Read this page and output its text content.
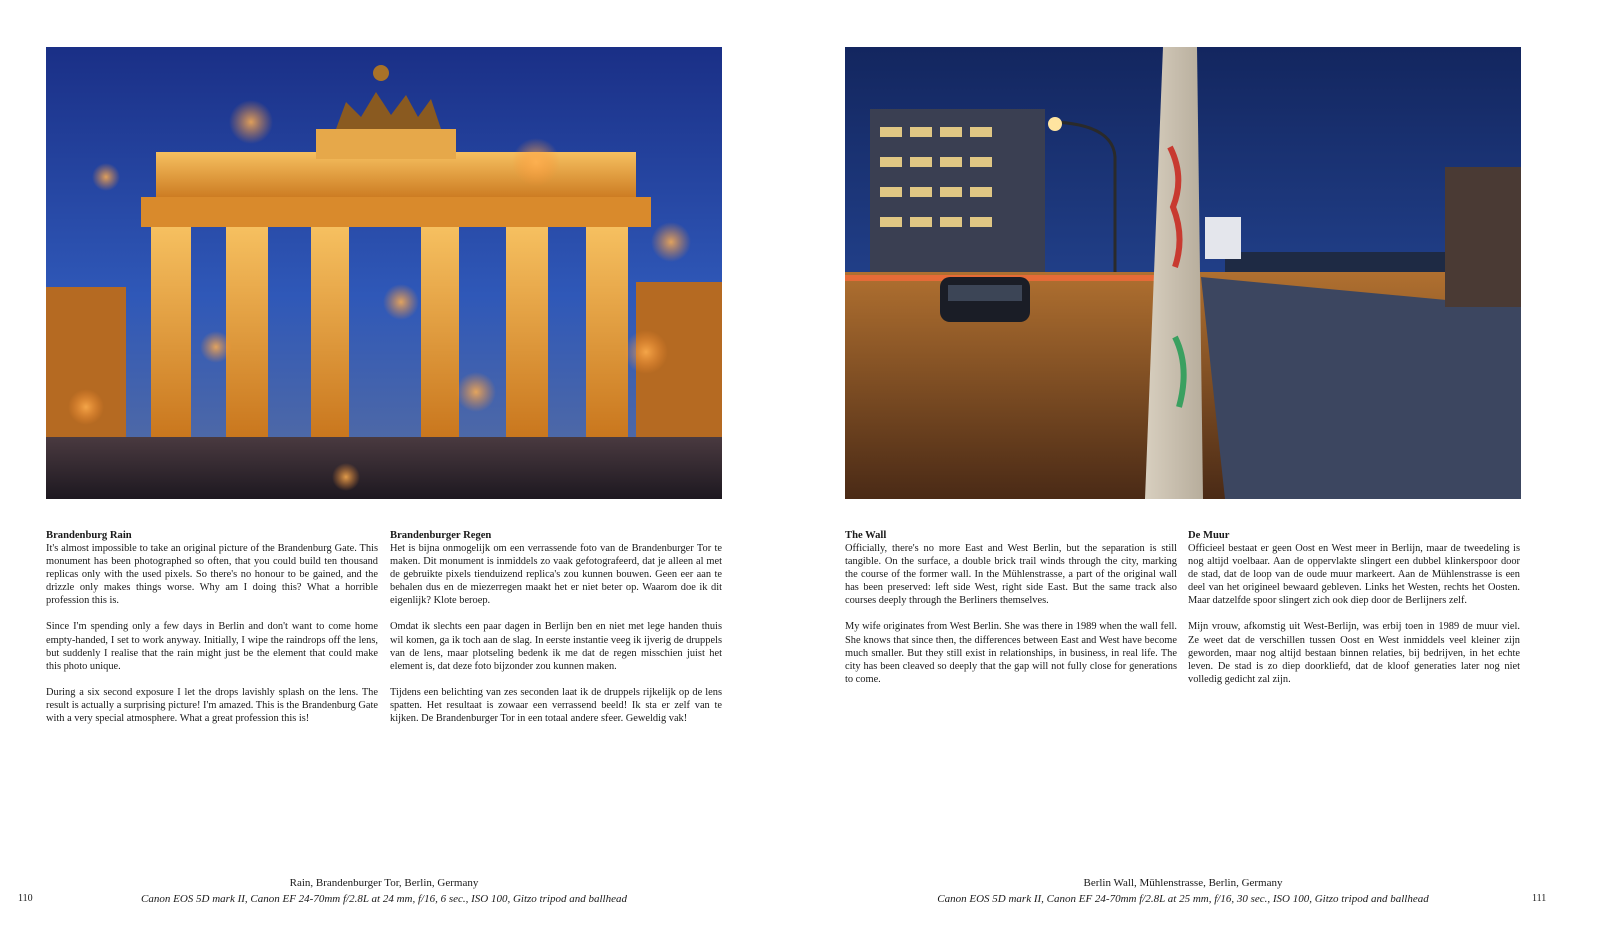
Brandenburg Rain

It's almost impossible to take an original picture of the Brandenburg Gate. This monument has been photographed so often, that you could build ten thousand replicas only with the used pixels. So there's no honour to be gained, and the drizzle only makes things worse. Why am I doing this? What a horrible profession this is.

Since I'm spending only a few days in Berlin and don't want to come home empty-handed, I set to work anyway. Initially, I wipe the raindrops off the lens, but suddenly I realise that the rain might just be the element that could make this photo unique.

During a six second exposure I let the drops lavishly splash on the lens. The result is actually a surprising picture! I'm amazed. This is the Brandenburg Gate with a very special atmosphere. What a great profession this is!

Brandenburger Regen

Het is bijna onmogelijk om een verrassende foto van de Brandenburger Tor te maken. Dit monument is inmiddels zo vaak gefotografeerd, dat je alleen al met de gebruikte pixels tienduizend replica's zou kunnen bouwen. Geen eer aan te behalen dus en de miezerregen maakt het er niet beter op. Waarom doe ik dit eigenlijk? Klote beroep.

Omdat ik slechts een paar dagen in Berlijn ben en niet met lege handen thuis wil komen, ga ik toch aan de slag. In eerste instantie veeg ik ijverig de druppels van de lens, maar plotseling bedenk ik me dat de regen misschien juist het element is, dat deze foto bijzonder zou kunnen maken.

Tijdens een belichting van zes seconden laat ik de druppels rijkelijk op de lens spatten. Het resultaat is zowaar een verrassend beeld! Ik sta er zelf van te kijken. De Brandenburger Tor in een totaal andere sfeer. Geweldig vak!

The Wall

Officially, there's no more East and West Berlin, but the separation is still tangible. On the surface, a double brick trail winds through the city, marking the course of the former wall. In the Mühlenstrasse, a part of the original wall has been preserved: left side West, right side East. But the same track also courses deeply through the Berliners themselves.

My wife originates from West Berlin. She was there in 1989 when the wall fell. She knows that since then, the differences between East and West have become much smaller. But they still exist in relationships, in business, in real life. The city has been cleaved so deeply that the gap will not fully close for generations to come.

De Muur

Officieel bestaat er geen Oost en West meer in Berlijn, maar de tweedeling is nog altijd voelbaar. Aan de oppervlakte slingert een dubbel klinkerspoor door de stad, dat de loop van de oude muur markeert. Aan de Mühlenstrasse is een deel van het origineel bewaard gebleven. Links het Westen, rechts het Oosten. Maar datzelfde spoor slingert zich ook diep door de Berlijners zelf.

Mijn vrouw, afkomstig uit West-Berlijn, was erbij toen in 1989 de muur viel. Ze weet dat de verschillen tussen Oost en West inmiddels veel kleiner zijn geworden, maar nog altijd bestaan binnen relaties, bij bedrijven, in het echte leven. De stad is zo diep doorkliefd, dat de kloof generaties later nog niet volledig gedicht zal zijn.

Rain, Brandenburger Tor, Berlin, Germany
Canon EOS 5D mark II, Canon EF 24-70mm f/2.8L at 24 mm, f/16, 6 sec., ISO 100, Gitzo tripod and ballhead
Berlin Wall, Mühlenstrasse, Berlin, Germany
Canon EOS 5D mark II, Canon EF 24-70mm f/2.8L at 25 mm, f/16, 30 sec., ISO 100, Gitzo tripod and ballhead
110	111
